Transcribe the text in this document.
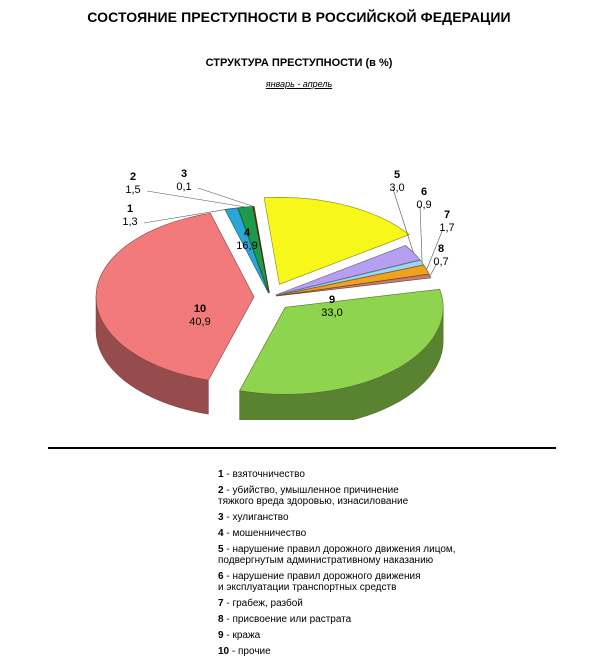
СОСТОЯНИЕ ПРЕСТУПНОСТИ В РОССИЙСКОЙ ФЕДЕРАЦИИ
СТРУКТУРА ПРЕСТУПНОСТИ (в %)
январь - апрель
1
1,3
2
1,5
3
0,1
4
16,9
5
3,0 6
0,9
7
1,7
8
0,7
9
33,0
10
40,9
1 - взяточничество
2 - убийство, умышленное причинение
тяжкого вреда здоровью, изнасилование
3 - хулиганство
4 - мошенничество
5 - нарушение правил дорожного движения лицом,
подвергнутым административному наказанию
6 - нарушение правил дорожного движения
и эксплуатации транспортных средств
7 - грабеж, разбой
8 - присвоение или растрата
9 - кража
10 - прочие
